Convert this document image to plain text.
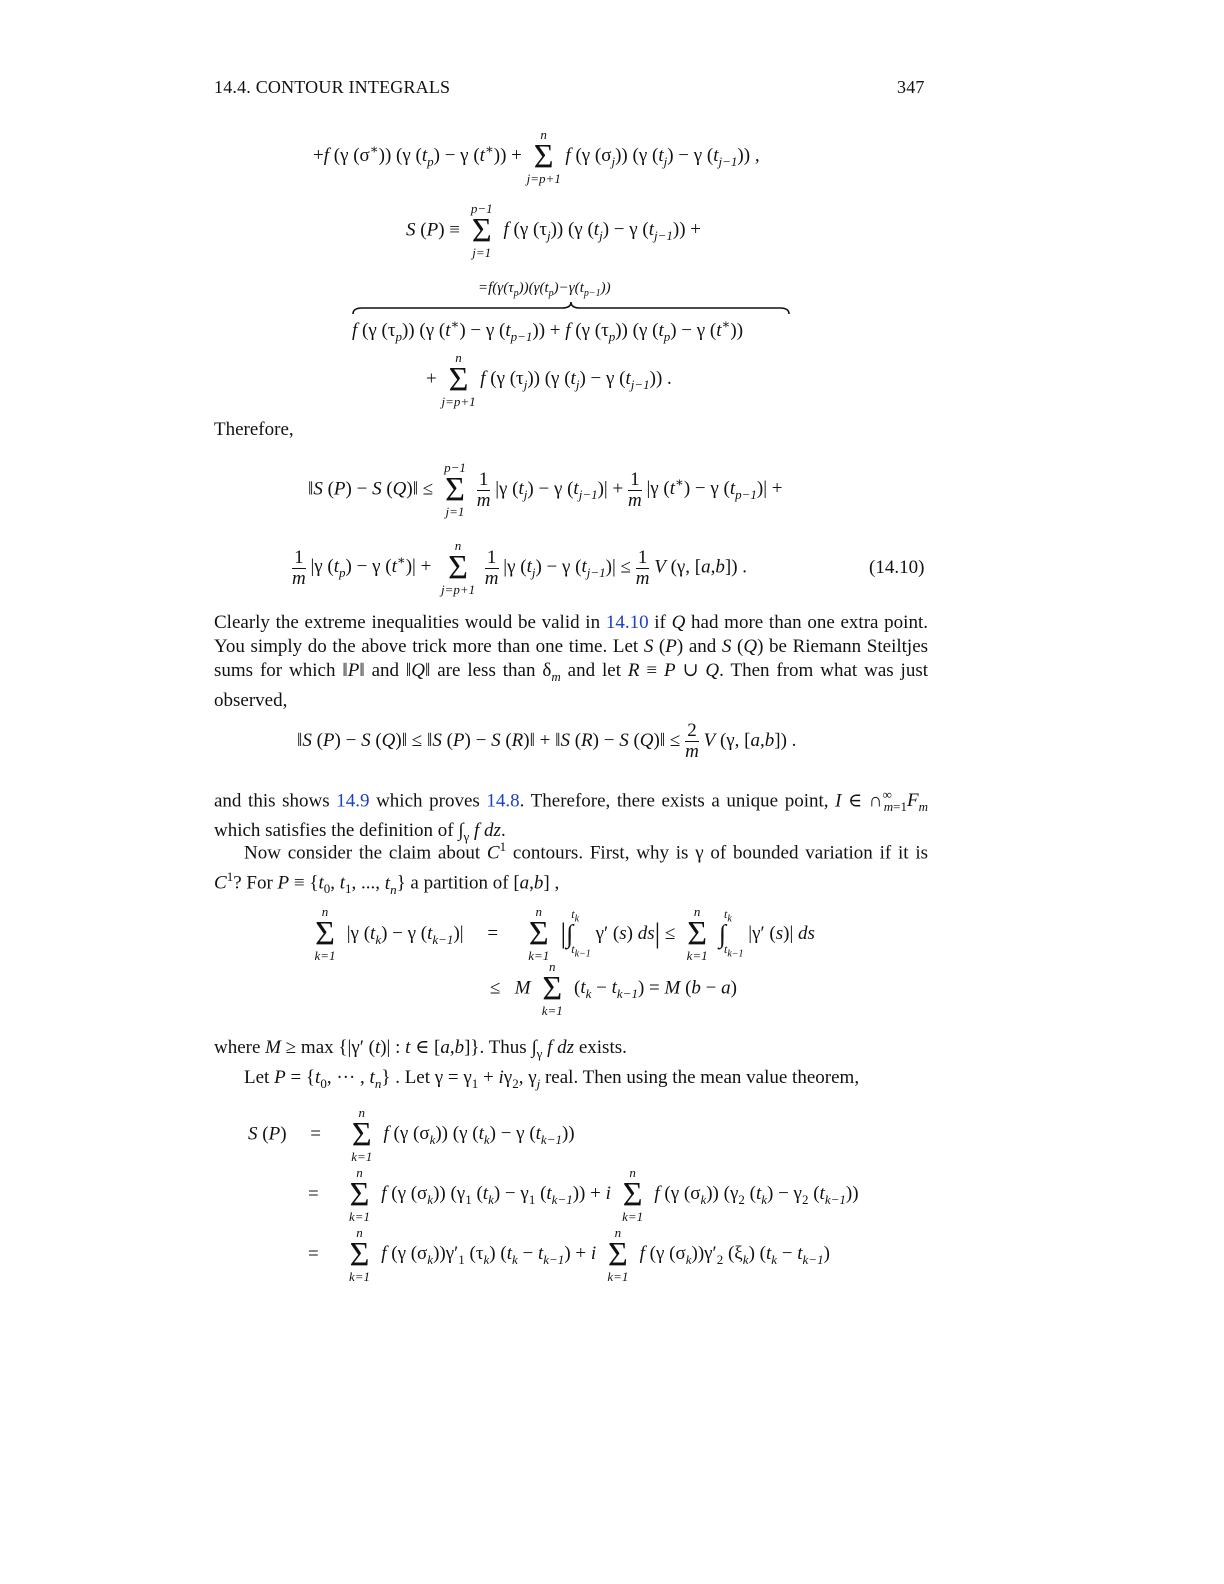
14.4. CONTOUR INTEGRALS	347
+f (γ (σ∗)) (γ $(t_p) - \gamma$ (t∗)) +
n
Σ
j=p+1
f (γ $(\sigma_j)$) (γ $(t_j) - \gamma$ $(t_{j-1})$) ,
S (P) ≡
p−1
Σ
j=1
f (γ $(\tau_j)$) (γ $(t_j) - \gamma$ $(t_{j-1})$) +
$=f(\gamma(\tau_p))(\gamma(t_p)-\gamma(t_{p-1}))$
f (γ $(\tau_p)$) (γ (t∗) − γ $(t_{p-1})) + f$ (γ $(\tau_p)$) (γ $(t_p) - \gamma$ (t∗))
+
n
Σ
j=p+1
f (γ $(\tau_j)$) (γ $(t_j) - \gamma$ $(t_{j-1})$) .
Therefore,
‖S (P) − S (Q)‖ ≤
p−1
Σ
j=1

$\frac{1}{m} |\gamma$ $(t_j) - \gamma$ $(t_{j-1})| + \frac{1}{m} |\gamma$ (t∗) − γ $(t_{p-1})|$ +
$\frac{1}{m} |\gamma$ $(t_p) - \gamma$ (t∗)| +
n
Σ
j=p+1

$\frac{1}{m} |\gamma$ $(t_j) - \gamma$ $(t_{j-1})| \le \frac{1}{m}$ V (γ, [a,b]) .	(14.10)
Clearly the extreme inequalities would be valid in 14.10 if Q had more than one extra point.
You simply do the above trick more than one time. Let S (P) and S (Q) be Riemann Steiltjes
sums for which ‖P‖ and ‖Q‖ are less than $\delta_m$ and let R ≡ P ∪ Q. Then from what was just
observed,
‖S (P) − S (Q)‖ ≤ ‖S (P) − S (R)‖ + ‖S (R) − S (Q)‖ ≤ $\frac{2}{m}$ V (γ, [a,b]) .
and this shows 14.9 which proves 14.8. Therefore, there exists a unique point, I ∈ $\cap^\infty_{m=1}F_m$
which satisfies the definition of $\int_\gamma$ f dz.
Now consider the claim about $C^1$ contours. First, why is γ of bounded variation if it is
$C^1$? For $P \equiv \{t_0$, $t_1$, ..., $t_n$} a partition of [a,b] ,
n
Σ
k=1
|γ $(t_k) - \gamma$ $(t_{k-1})|$     =
n
Σ
k=1
|∫
$t_k$
$t_{k-1}$
γ′ (s) ds| ≤
n
Σ
k=1
∫
$t_k$
$t_{k-1}$
|γ′ (s)| ds
≤   M
n
Σ
k=1
$(t_k - t_{k-1}) = M$ (b − a)
where M ≥ max {|γ′ (t)| : t ∈ [a,b]}. Thus $\int_\gamma$ f dz exists.
Let $P = \{t_0$, ··· , $t_n$} . Let $\gamma = \gamma_1 + i\gamma_2$, $\gamma_j$ real. Then using the mean value theorem,
S (P)     =
n
Σ
k=1
f (γ $(\sigma_k)$) (γ $(t_k) - \gamma$ $(t_{k-1})$)
=
n
Σ
k=1
f (γ $(\sigma_k)$) ($\gamma_1$ $(t_k) - \gamma_1$ $(t_{k-1})) + i$
n
Σ
k=1
f (γ $(\sigma_k)$) ($\gamma_2$ $(t_k) - \gamma_2$ $(t_{k-1})$)
=
n
Σ
k=1
f (γ $(\sigma_k))\gamma'_1$ $(\tau_k) (t_k - t_{k-1}) + i$
n
Σ
k=1
f (γ $(\sigma_k))\gamma'_2$ $(\xi_k) (t_k - t_{k-1})$
